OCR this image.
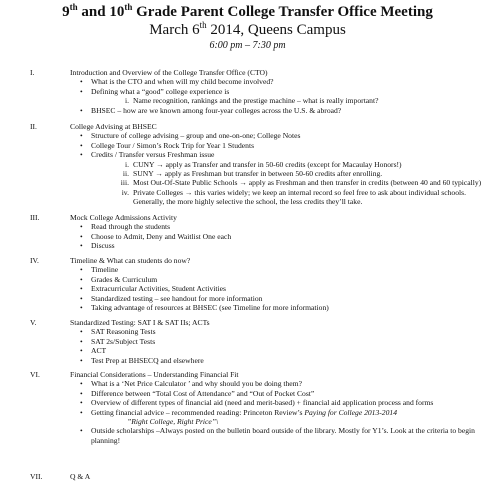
9th and 10th Grade Parent College Transfer Office Meeting
March 6th 2014, Queens Campus
6:00 pm – 7:30 pm
I.	Introduction and Overview of the College Transfer Office (CTO)
• What is the CTO and when will my child become involved?
• Defining what a “good” college experience is
i. Name recognition, rankings and the prestige machine – what is really important?
• BHSEC – how are we known among four-year colleges across the U.S. & abroad?
II.	College Advising at BHSEC
• Structure of college advising – group and one-on-one; College Notes
• College Tour / Simon’s Rock Trip for Year 1 Students
• Credits / Transfer versus Freshman issue
i. CUNY → apply as Transfer and transfer in 50-60 credits (except for Macaulay Honors!)
ii. SUNY → apply as Freshman but transfer in between 50-60 credits after enrolling.
iii. Most Out-Of-State Public Schools → apply as Freshman and then transfer in credits (between 40 and 60 typically)
iv. Private Colleges → this varies widely; we keep an internal record so feel free to ask about individual schools. Generally, the more highly selective the school, the less credits they’ll take.
III.	Mock College Admissions Activity
• Read through the students
• Choose to Admit, Deny and Waitlist One each
• Discuss
IV.	Timeline & What can students do now?
• Timeline
• Grades & Curriculum
• Extracurricular Activities, Student Activities
• Standardized testing – see handout for more information
• Taking advantage of resources at BHSEC (see Timeline for more information)
V.	Standardized Testing: SAT I & SAT IIs; ACTs
• SAT Reasoning Tests
• SAT 2s/Subject Tests
• ACT
• Test Prep at BHSECQ and elsewhere
VI.	Financial Considerations – Understanding Financial Fit
• What is a ‘Net Price Calculator ’ and why should you be doing them?
• Difference between “Total Cost of Attendance” and “Out of Pocket Cost”
• Overview of different types of financial aid (need and merit-based) + financial aid application process and forms
• Getting financial advice – recommended reading: Princeton Review’s Paying for College 2013-2014
”Right College, Right Price”\
• Outside scholarships –Always posted on the bulletin board outside of the library. Mostly for Y1’s. Look at the criteria to begin planning!
VII.	Q & A
